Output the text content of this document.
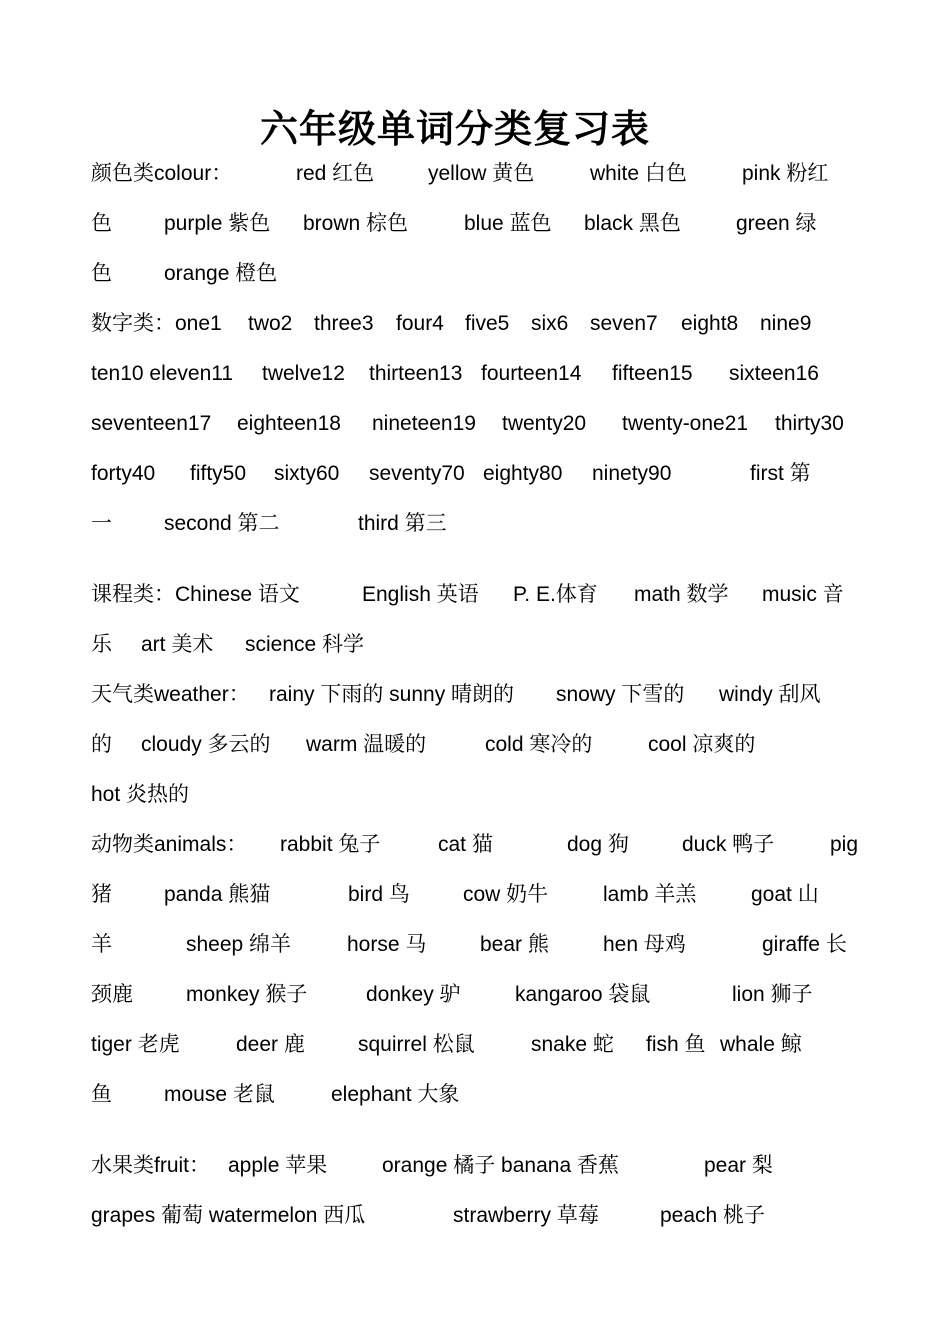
六年级单词分类复习表
颜色类colour：	red 红色	yellow 黄色	white 白色	pink 粉红
色 purple 紫色 brown 棕色	blue 蓝色 black 黑色	green 绿
色 orange 橙色
数字类：one1 two2 three3 four4 five5 six6 seven7 eight8 nine9
ten10 eleven11 twelve12 thirteen13 fourteen14 fifteen15 sixteen16
seventeen17 eighteen18 nineteen19 twenty20 twenty-one21 thirty30
forty40 fifty50 sixty60 seventy70 eighty80 ninety90	first 第
一 second 第二	third 第三
课程类：Chinese 语文	English 英语 P. E.体育 math 数学 music 音
乐 art 美术 science 科学
天气类weather： rainy 下雨的 sunny 晴朗的 snowy 下雪的 windy 刮风
的 cloudy 多云的 warm 温暖的	cold 寒冷的	cool 凉爽的
hot 炎热的
动物类animals： rabbit 兔子	cat 猫	dog 狗	duck 鸭子	pig
猪 panda 熊猫	bird 鸟	cow 奶牛	lamb 羊羔	goat 山
羊	sheep 绵羊	horse 马	bear 熊	hen 母鸡	giraffe 长
颈鹿	monkey 猴子	donkey 驴	kangaroo 袋鼠	lion 狮子
tiger 老虎	deer 鹿	squirrel 松鼠	snake 蛇 fish 鱼 whale 鲸
鱼 mouse 老鼠	elephant 大象
水果类fruit： apple 苹果	orange 橘子 banana 香蕉	pear 梨
grapes 葡萄 watermelon 西瓜	strawberry 草莓	peach 桃子
